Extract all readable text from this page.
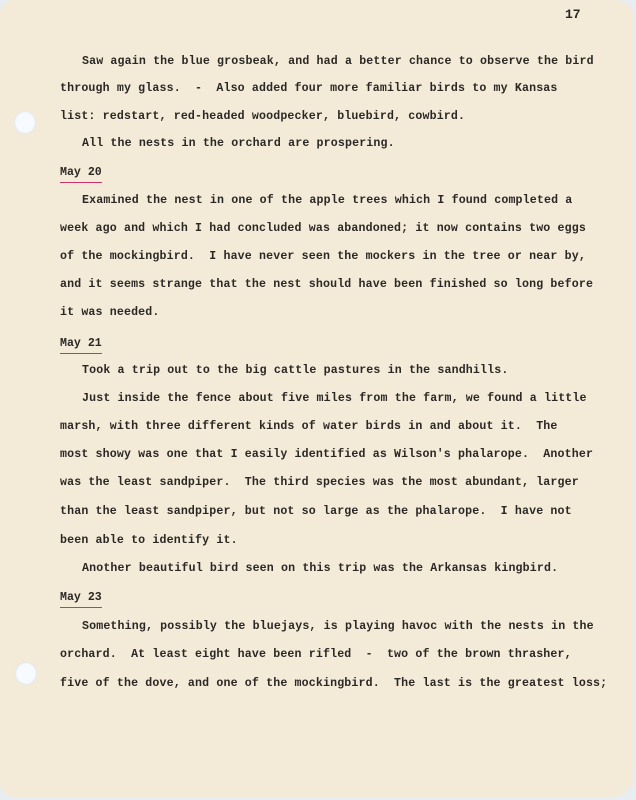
17
Saw again the blue grosbeak, and had a better chance to observe the bird
through my glass.  -  Also added four more familiar birds to my Kansas
list: redstart, red-headed woodpecker, bluebird, cowbird.
All the nests in the orchard are prospering.
May 20
Examined the nest in one of the apple trees which I found completed a
week ago and which I had concluded was abandoned; it now contains two eggs
of the mockingbird.  I have never seen the mockers in the tree or near by,
and it seems strange that the nest should have been finished so long before
it was needed.
May 21
Took a trip out to the big cattle pastures in the sandhills.
Just inside the fence about five miles from the farm, we found a little
marsh, with three different kinds of water birds in and about it.  The
most showy was one that I easily identified as Wilson's phalarope.  Another
was the least sandpiper.  The third species was the most abundant, larger
than the least sandpiper, but not so large as the phalarope.  I have not
been able to identify it.
Another beautiful bird seen on this trip was the Arkansas kingbird.
May 23
Something, possibly the bluejays, is playing havoc with the nests in the
orchard.  At least eight have been rifled  -  two of the brown thrasher,
five of the dove, and one of the mockingbird.  The last is the greatest loss;
